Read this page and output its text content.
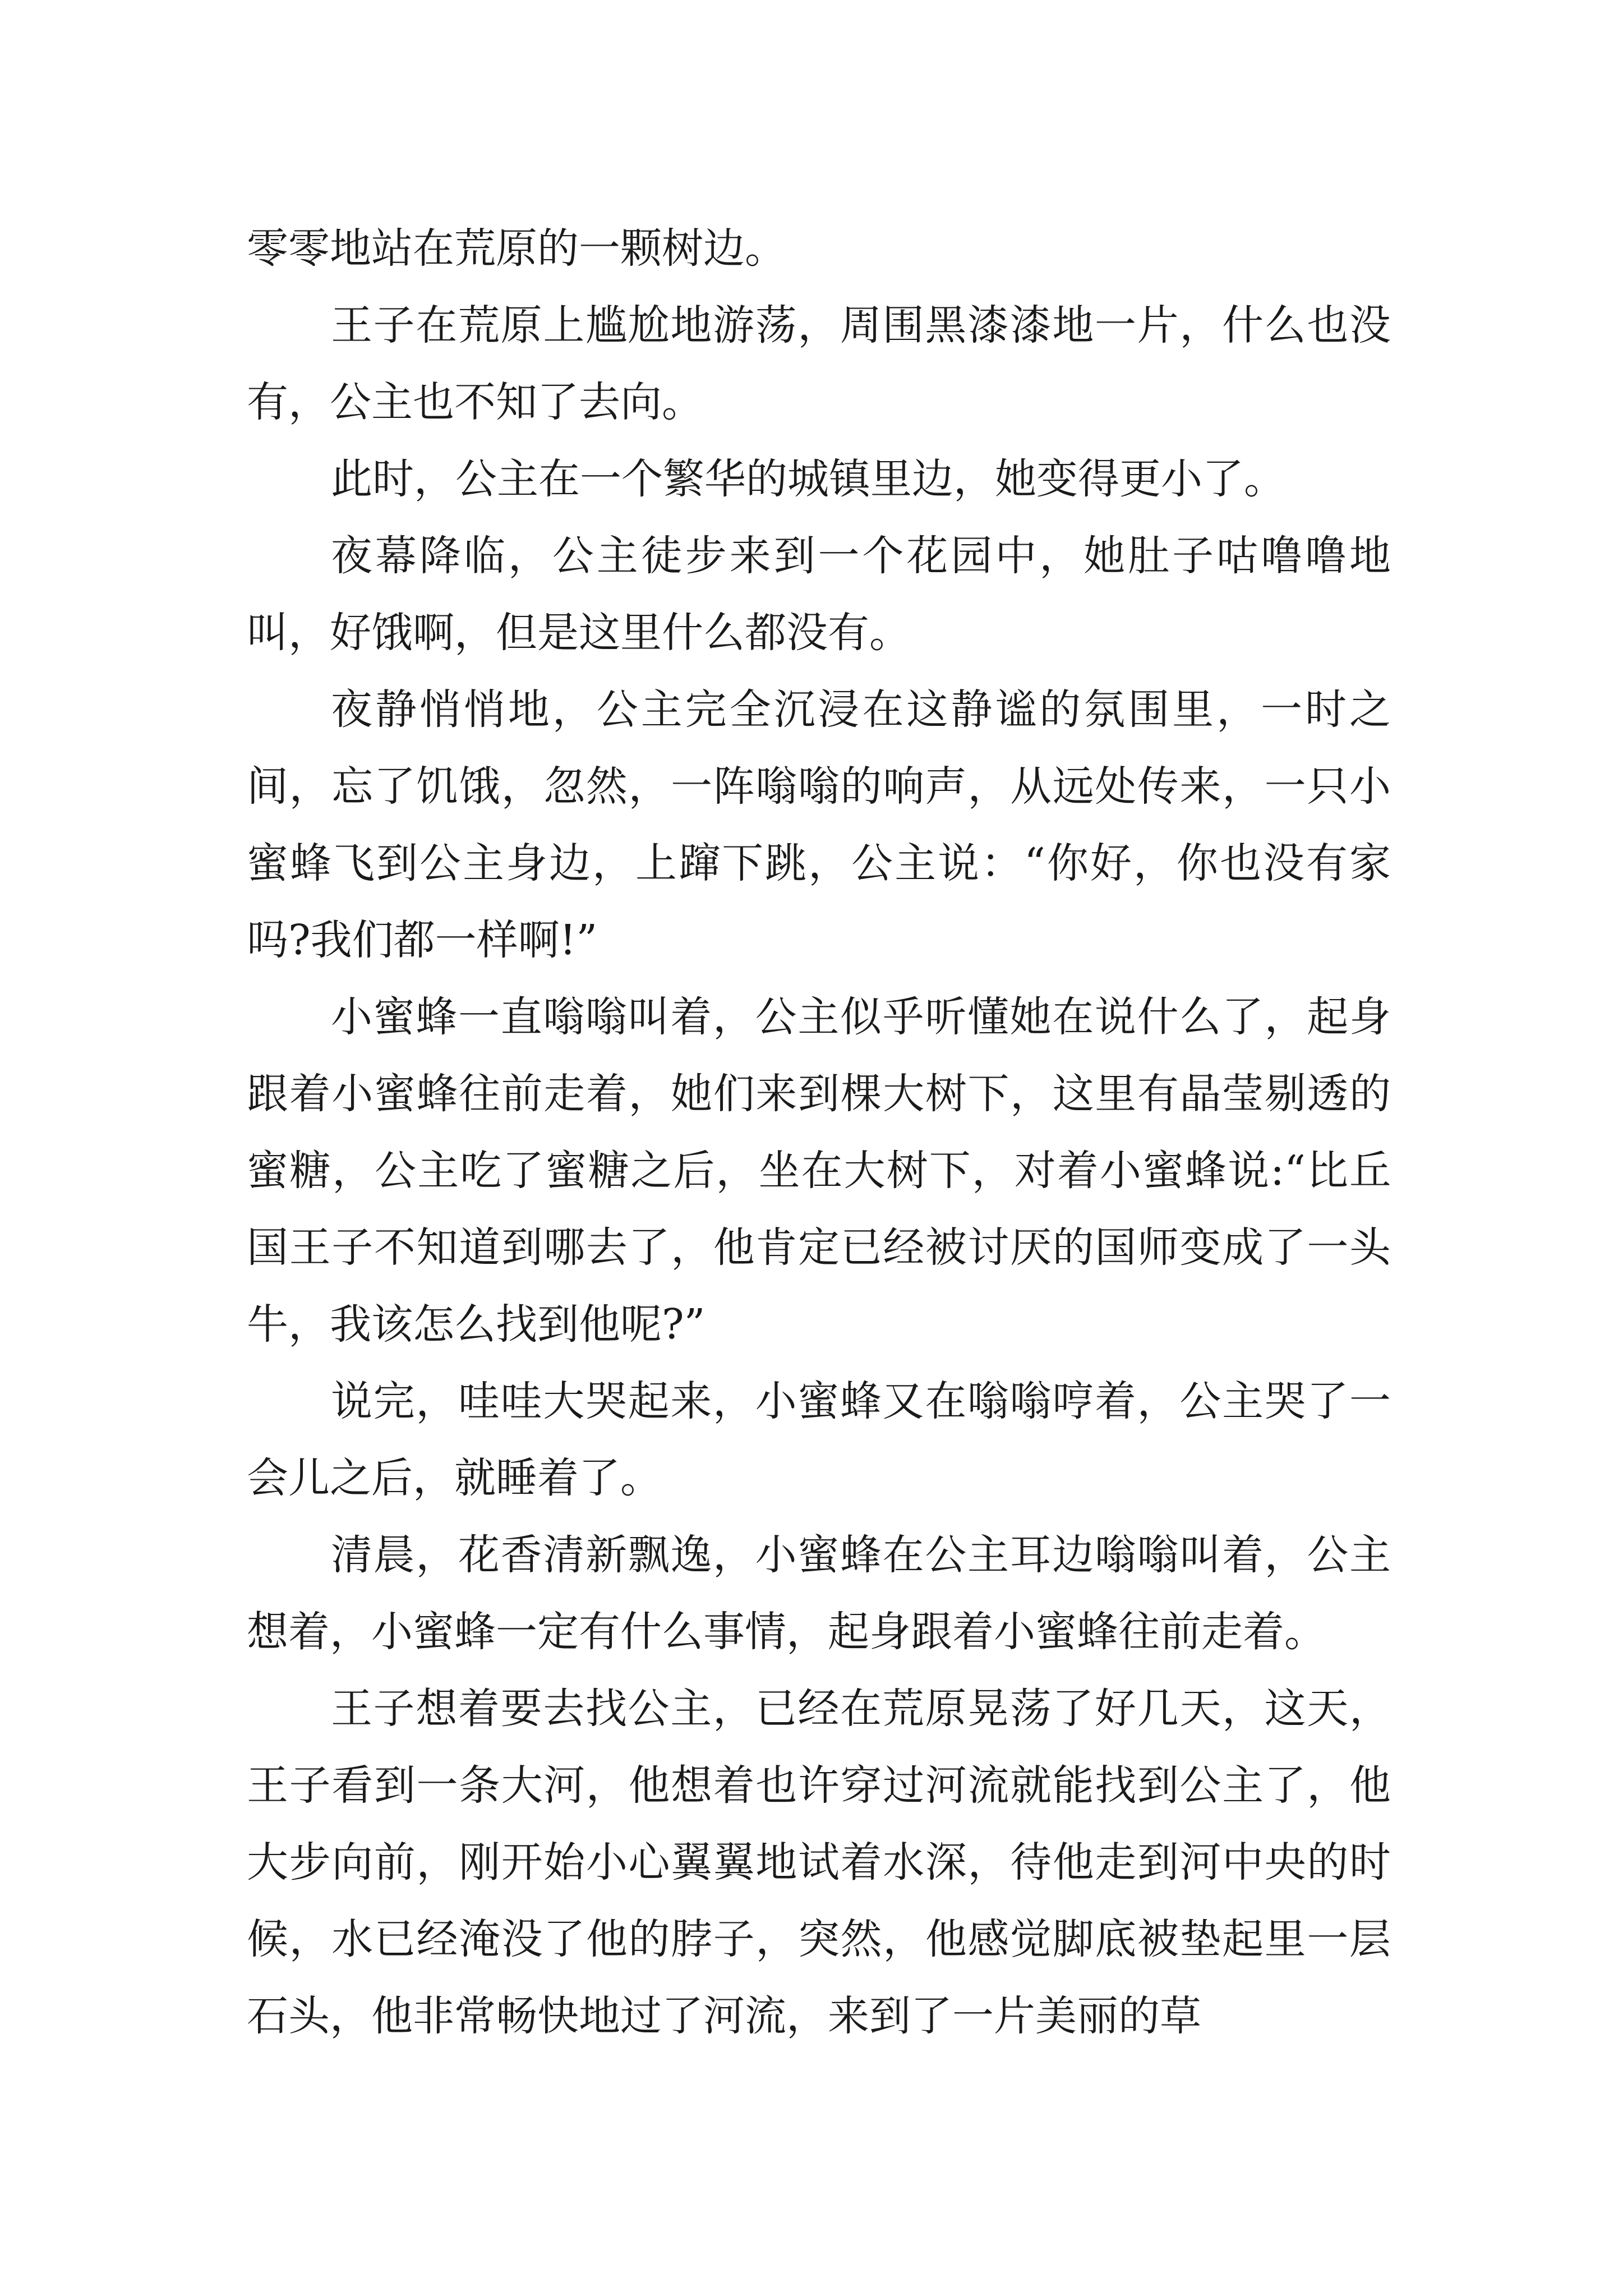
零零地站在荒原的一颗树边。

王子在荒原上尴尬地游荡，周围黑漆漆地一片，什么也没有，公主也不知了去向。

此时，公主在一个繁华的城镇里边，她变得更小了。

夜幕降临，公主徒步来到一个花园中，她肚子咕噜噜地叫，好饿啊，但是这里什么都没有。

夜静悄悄地，公主完全沉浸在这静谧的氛围里，一时之间，忘了饥饿，忽然，一阵嗡嗡的响声，从远处传来，一只小蜜蜂飞到公主身边，上蹿下跳，公主说：“你好，你也没有家吗?我们都一样啊!”

小蜜蜂一直嗡嗡叫着，公主似乎听懂她在说什么了，起身跟着小蜜蜂往前走着，她们来到棵大树下，这里有晶莹剔透的蜜糖，公主吃了蜜糖之后，坐在大树下，对着小蜜蜂说:“比丘国王子不知道到哪去了，他肯定已经被讨厌的国师变成了一头牛，我该怎么找到他呢?”

说完，哇哇大哭起来，小蜜蜂又在嗡嗡哼着，公主哭了一会儿之后，就睡着了。

清晨，花香清新飘逸，小蜜蜂在公主耳边嗡嗡叫着，公主想着，小蜜蜂一定有什么事情，起身跟着小蜜蜂往前走着。

王子想着要去找公主，已经在荒原晃荡了好几天，这天，王子看到一条大河，他想着也许穿过河流就能找到公主了，他大步向前，刚开始小心翼翼地试着水深，待他走到河中央的时候，水已经淹没了他的脖子，突然，他感觉脚底被垫起里一层石头，他非常畅快地过了河流，来到了一片美丽的草
